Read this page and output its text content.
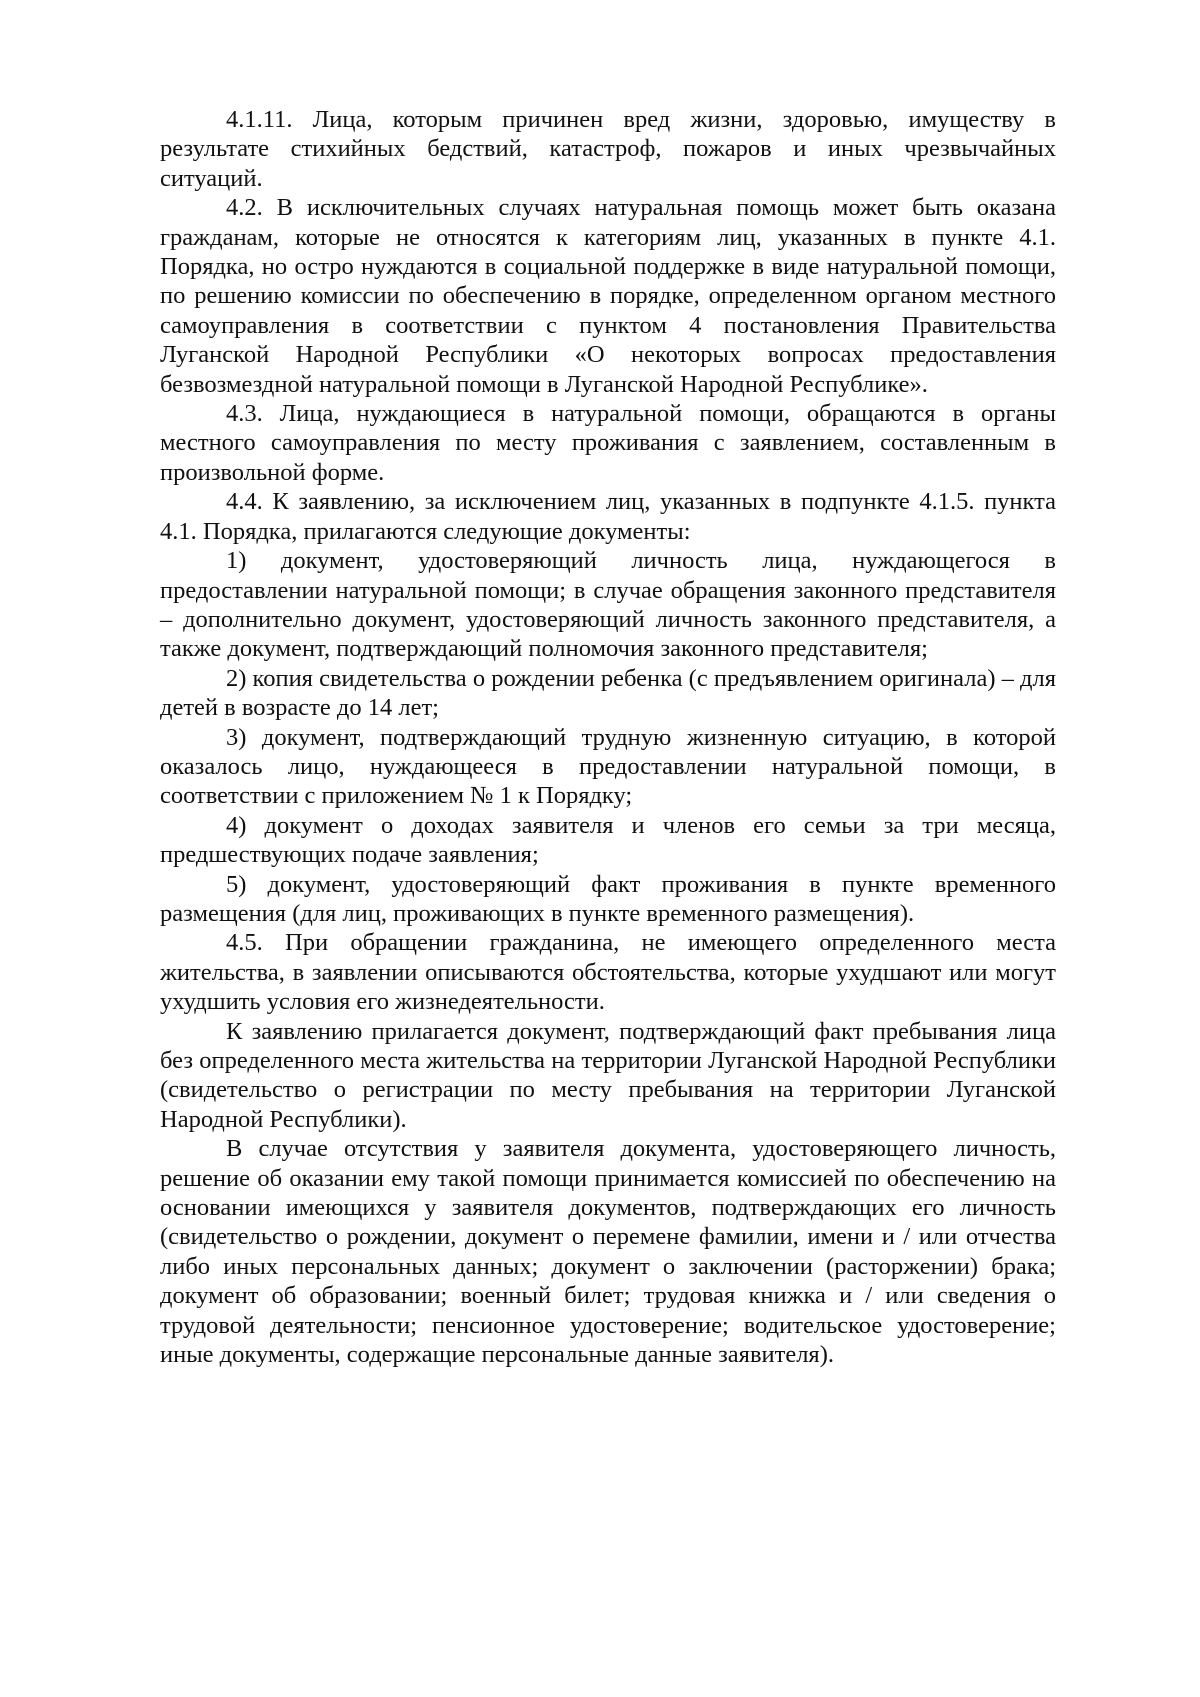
4.1.11. Лица, которым причинен вред жизни, здоровью, имуществу в результате стихийных бедствий, катастроф, пожаров и иных чрезвычайных ситуаций.

4.2. В исключительных случаях натуральная помощь может быть оказана гражданам, которые не относятся к категориям лиц, указанных в пункте 4.1. Порядка, но остро нуждаются в социальной поддержке в виде натуральной помощи, по решению комиссии по обеспечению в порядке, определенном органом местного самоуправления в соответствии с пунктом 4 постановления Правительства Луганской Народной Республики «О некоторых вопросах предоставления безвозмездной натуральной помощи в Луганской Народной Республике».

4.3. Лица, нуждающиеся в натуральной помощи, обращаются в органы местного самоуправления по месту проживания с заявлением, составленным в произвольной форме.

4.4. К заявлению, за исключением лиц, указанных в подпункте 4.1.5. пункта 4.1. Порядка, прилагаются следующие документы:

1) документ, удостоверяющий личность лица, нуждающегося в предоставлении натуральной помощи; в случае обращения законного представителя – дополнительно документ, удостоверяющий личность законного представителя, а также документ, подтверждающий полномочия законного представителя;

2) копия свидетельства о рождении ребенка (с предъявлением оригинала) – для детей в возрасте до 14 лет;

3) документ, подтверждающий трудную жизненную ситуацию, в которой оказалось лицо, нуждающееся в предоставлении натуральной помощи, в соответствии с приложением № 1 к Порядку;

4) документ о доходах заявителя и членов его семьи за три месяца, предшествующих подаче заявления;

5) документ, удостоверяющий факт проживания в пункте временного размещения (для лиц, проживающих в пункте временного размещения).

4.5. При обращении гражданина, не имеющего определенного места жительства, в заявлении описываются обстоятельства, которые ухудшают или могут ухудшить условия его жизнедеятельности.

К заявлению прилагается документ, подтверждающий факт пребывания лица без определенного места жительства на территории Луганской Народной Республики (свидетельство о регистрации по месту пребывания на территории Луганской Народной Республики).

В случае отсутствия у заявителя документа, удостоверяющего личность, решение об оказании ему такой помощи принимается комиссией по обеспечению на основании имеющихся у заявителя документов, подтверждающих его личность (свидетельство о рождении, документ о перемене фамилии, имени и / или отчества либо иных персональных данных; документ о заключении (расторжении) брака; документ об образовании; военный билет; трудовая книжка и / или сведения о трудовой деятельности; пенсионное удостоверение; водительское удостоверение; иные документы, содержащие персональные данные заявителя).
